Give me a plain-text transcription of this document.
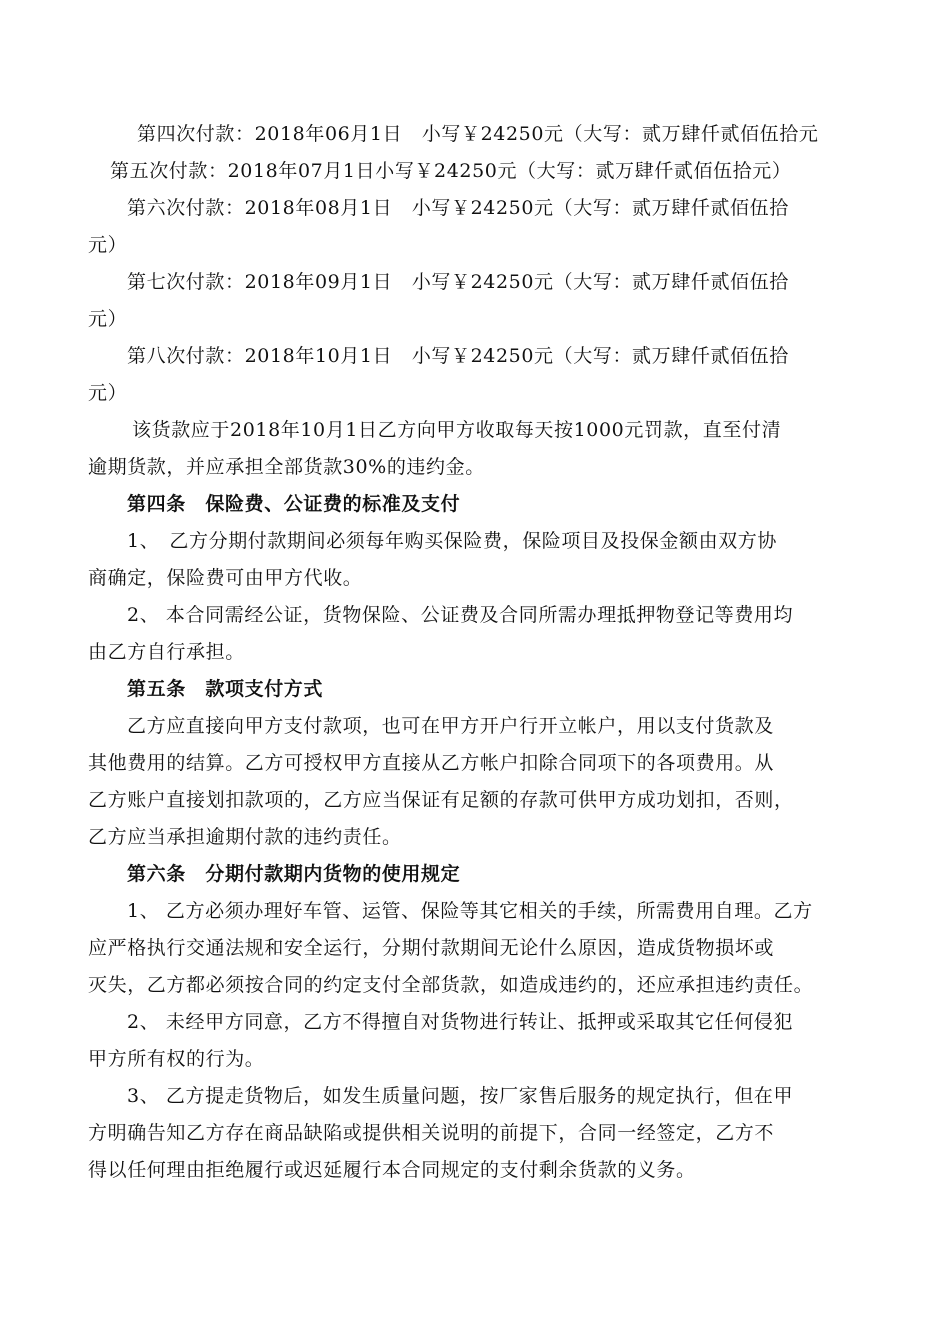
第四次付款：2018年06月1日　小写￥24250元（大写：贰万肆仟贰佰伍拾元
第五次付款：2018年07月1日小写￥24250元（大写：贰万肆仟贰佰伍拾元）
第六次付款：2018年08月1日　小写￥24250元（大写：贰万肆仟贰佰伍拾
元）
第七次付款：2018年09月1日　小写￥24250元（大写：贰万肆仟贰佰伍拾
元）
第八次付款：2018年10月1日　小写￥24250元（大写：贰万肆仟贰佰伍拾
元）
该货款应于2018年10月1日乙方向甲方收取每天按1000元罚款，直至付清
逾期货款，并应承担全部货款30%的违约金。
第四条　保险费、公证费的标准及支付
1、　乙方分期付款期间必须每年购买保险费，保险项目及投保金额由双方协
商确定，保险费可由甲方代收。
2、 本合同需经公证，货物保险、公证费及合同所需办理抵押物登记等费用均
由乙方自行承担。
第五条　款项支付方式
乙方应直接向甲方支付款项，也可在甲方开户行开立帐户，用以支付货款及
其他费用的结算。乙方可授权甲方直接从乙方帐户扣除合同项下的各项费用。从
乙方账户直接划扣款项的，乙方应当保证有足额的存款可供甲方成功划扣，否则，
乙方应当承担逾期付款的违约责任。
第六条　分期付款期内货物的使用规定
1、 乙方必须办理好车管、运管、保险等其它相关的手续，所需费用自理。乙方
应严格执行交通法规和安全运行，分期付款期间无论什么原因，造成货物损坏或
灭失，乙方都必须按合同的约定支付全部货款，如造成违约的，还应承担违约责任。
2、 未经甲方同意，乙方不得擅自对货物进行转让、抵押或采取其它任何侵犯
甲方所有权的行为。
3、 乙方提走货物后，如发生质量问题，按厂家售后服务的规定执行，但在甲
方明确告知乙方存在商品缺陷或提供相关说明的前提下，合同一经签定，乙方不
得以任何理由拒绝履行或迟延履行本合同规定的支付剩余货款的义务。
